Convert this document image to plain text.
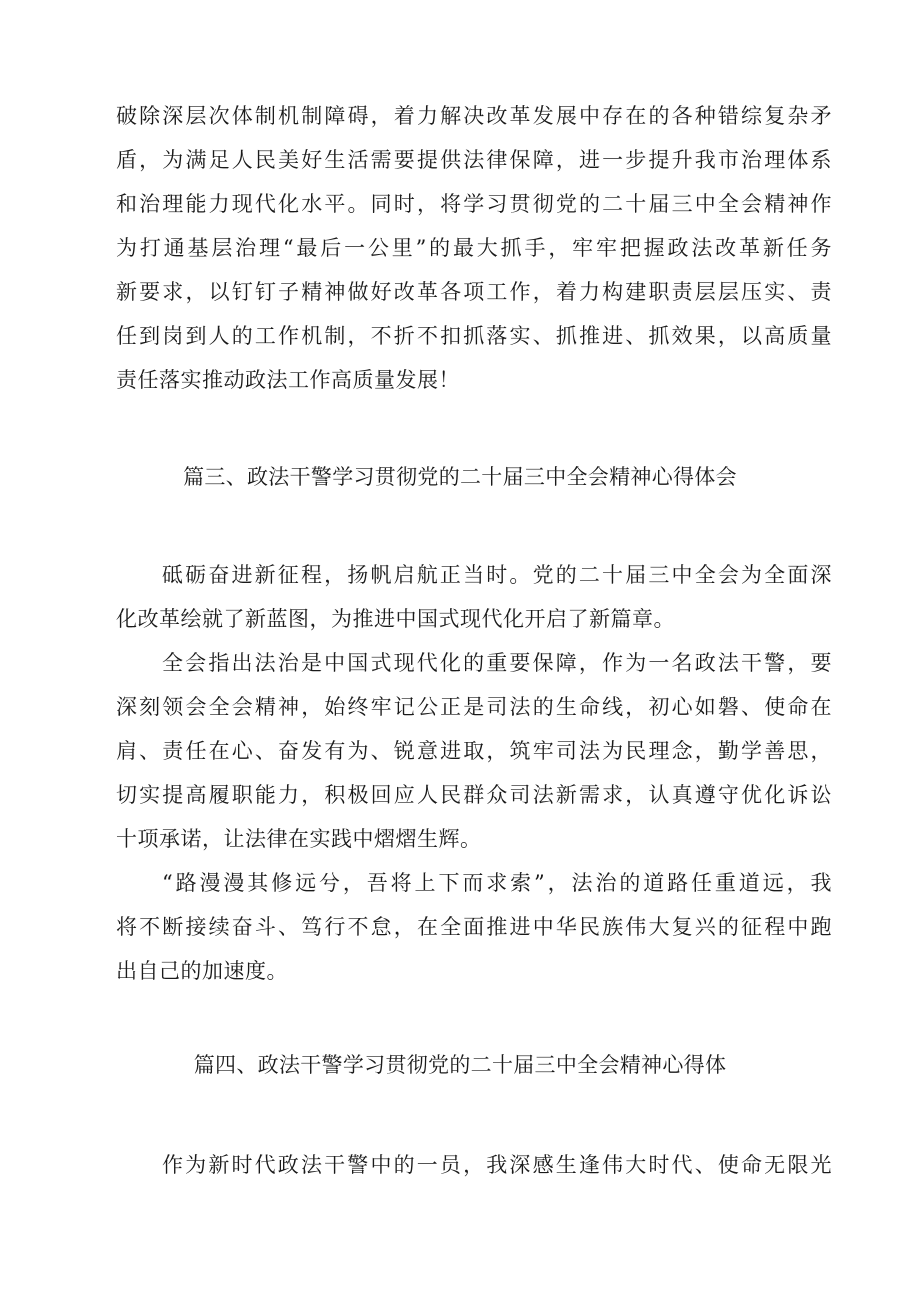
破除深层次体制机制障碍，着力解决改革发展中存在的各种错综复杂矛
盾，为满足人民美好生活需要提供法律保障，进一步提升我市治理体系
和治理能力现代化水平。同时，将学习贯彻党的二十届三中全会精神作
为打通基层治理“最后一公里”的最大抓手，牢牢把握政法改革新任务
新要求，以钉钉子精神做好改革各项工作，着力构建职责层层压实、责
任到岗到人的工作机制，不折不扣抓落实、抓推进、抓效果，以高质量
责任落实推动政法工作高质量发展！
篇三、政法干警学习贯彻党的二十届三中全会精神心得体会
砥砺奋进新征程，扬帆启航正当时。党的二十届三中全会为全面深
化改革绘就了新蓝图，为推进中国式现代化开启了新篇章。
全会指出法治是中国式现代化的重要保障，作为一名政法干警，要
深刻领会全会精神，始终牢记公正是司法的生命线，初心如磐、使命在
肩、责任在心、奋发有为、锐意进取，筑牢司法为民理念，勤学善思，
切实提高履职能力，积极回应人民群众司法新需求，认真遵守优化诉讼
十项承诺，让法律在实践中熠熠生辉。
“路漫漫其修远兮，吾将上下而求索”，法治的道路任重道远，我
将不断接续奋斗、笃行不怠，在全面推进中华民族伟大复兴的征程中跑
出自己的加速度。
篇四、政法干警学习贯彻党的二十届三中全会精神心得体
作为新时代政法干警中的一员，我深感生逢伟大时代、使命无限光
